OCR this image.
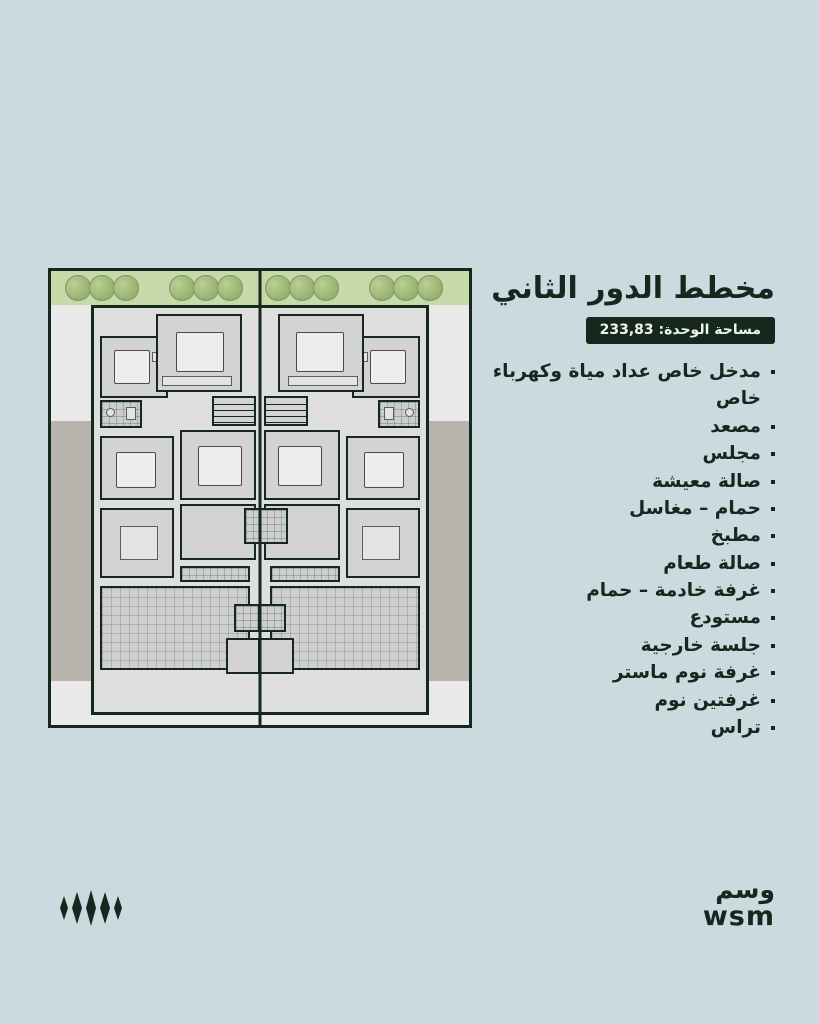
مخطط الدور الثاني
مساحة الوحدة: 233,83
مدخل خاص عداد مياة وكهرباء خاص
مصعد
مجلس
صالة معيشة
حمام – مغاسل
مطبخ
صالة طعام
غرفة خادمة – حمام
مستودع
جلسة خارجية
غرفة نوم ماستر
غرفتين نوم
تراس
وسم
wsm
